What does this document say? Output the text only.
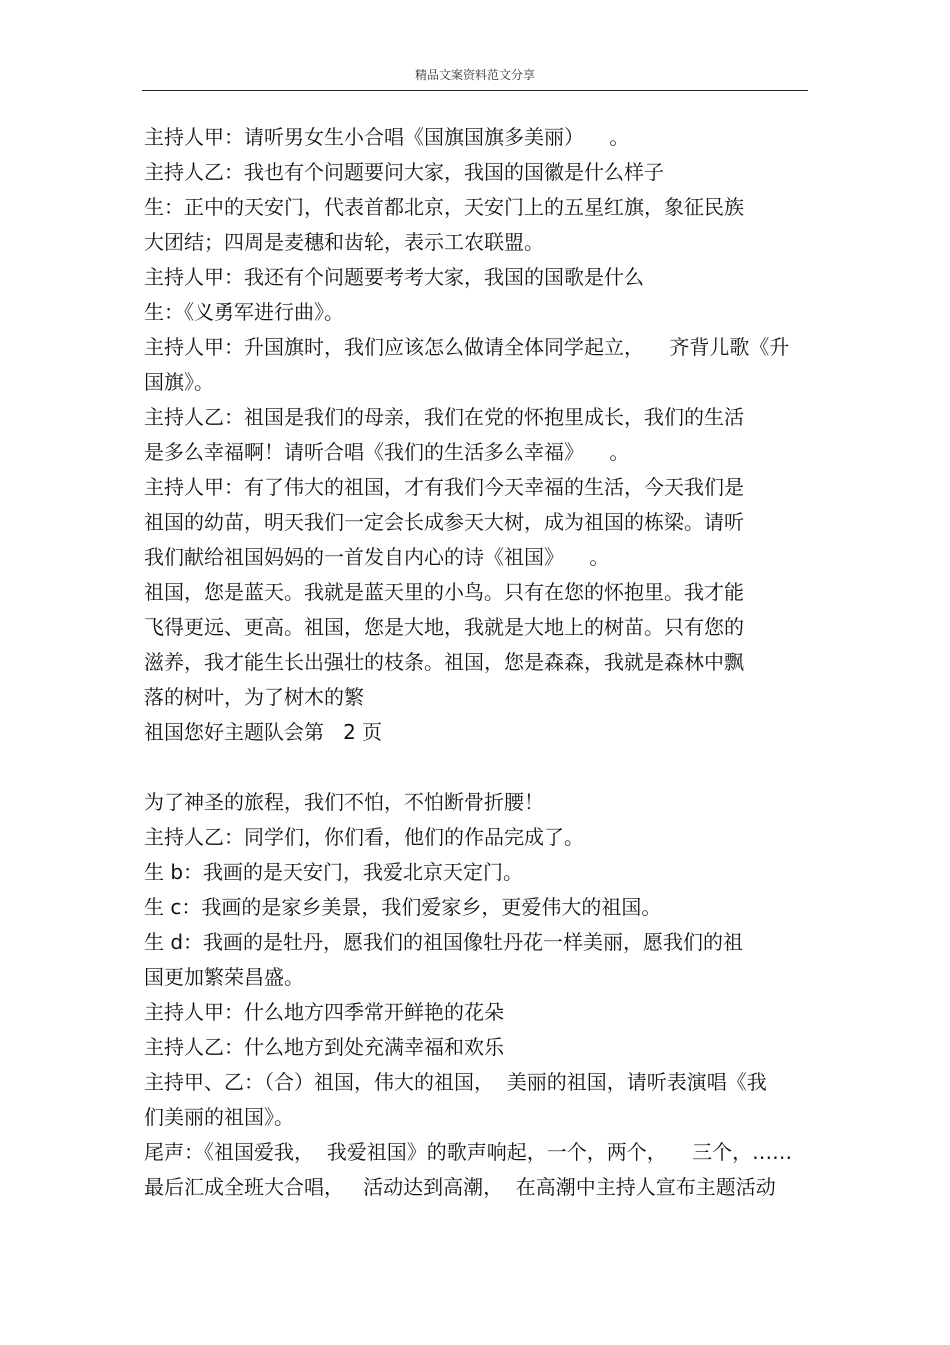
精品文案资料范文分享
主持人甲：请听男女生小合唱《国旗国旗多美丽）    。
主持人乙：我也有个问题要问大家，我国的国徽是什么样子
生：正中的天安门，代表首都北京，天安门上的五星红旗，象征民族
大团结；四周是麦穗和齿轮，表示工农联盟。
主持人甲：我还有个问题要考考大家，我国的国歌是什么
生：《义勇军进行曲》。
主持人甲：升国旗时，我们应该怎么做请全体同学起立，    齐背儿歌《升
国旗》。
主持人乙：祖国是我们的母亲，我们在党的怀抱里成长，我们的生活
是多么幸福啊！请听合唱《我们的生活多么幸福》    。
主持人甲：有了伟大的祖国，才有我们今天幸福的生活，今天我们是
祖国的幼苗，明天我们一定会长成参天大树，成为祖国的栋梁。请听
我们献给祖国妈妈的一首发自内心的诗《祖国》    。
祖国，您是蓝天。我就是蓝天里的小鸟。只有在您的怀抱里。我才能
飞得更远、更高。祖国，您是大地，我就是大地上的树苗。只有您的
滋养，我才能生长出强壮的枝条。祖国，您是森森，我就是森林中飘
落的树叶，为了树木的繁
祖国您好主题队会第   2 页
为了神圣的旅程，我们不怕，不怕断骨折腰！
主持人乙：同学们，你们看，他们的作品完成了。
生 b：我画的是天安门，我爱北京天定门。
生 c：我画的是家乡美景，我们爱家乡，更爱伟大的祖国。
生 d：我画的是牡丹，愿我们的祖国像牡丹花一样美丽，愿我们的祖
国更加繁荣昌盛。
主持人甲：什么地方四季常开鲜艳的花朵
主持人乙：什么地方到处充满幸福和欢乐
主持甲、乙：（合）祖国，伟大的祖国，  美丽的祖国，请听表演唱《我
们美丽的祖国》。
尾声：《祖国爱我，  我爱祖国》的歌声响起，一个，两个，    三个，……
最后汇成全班大合唱，   活动达到高潮，  在高潮中主持人宣布主题活动
